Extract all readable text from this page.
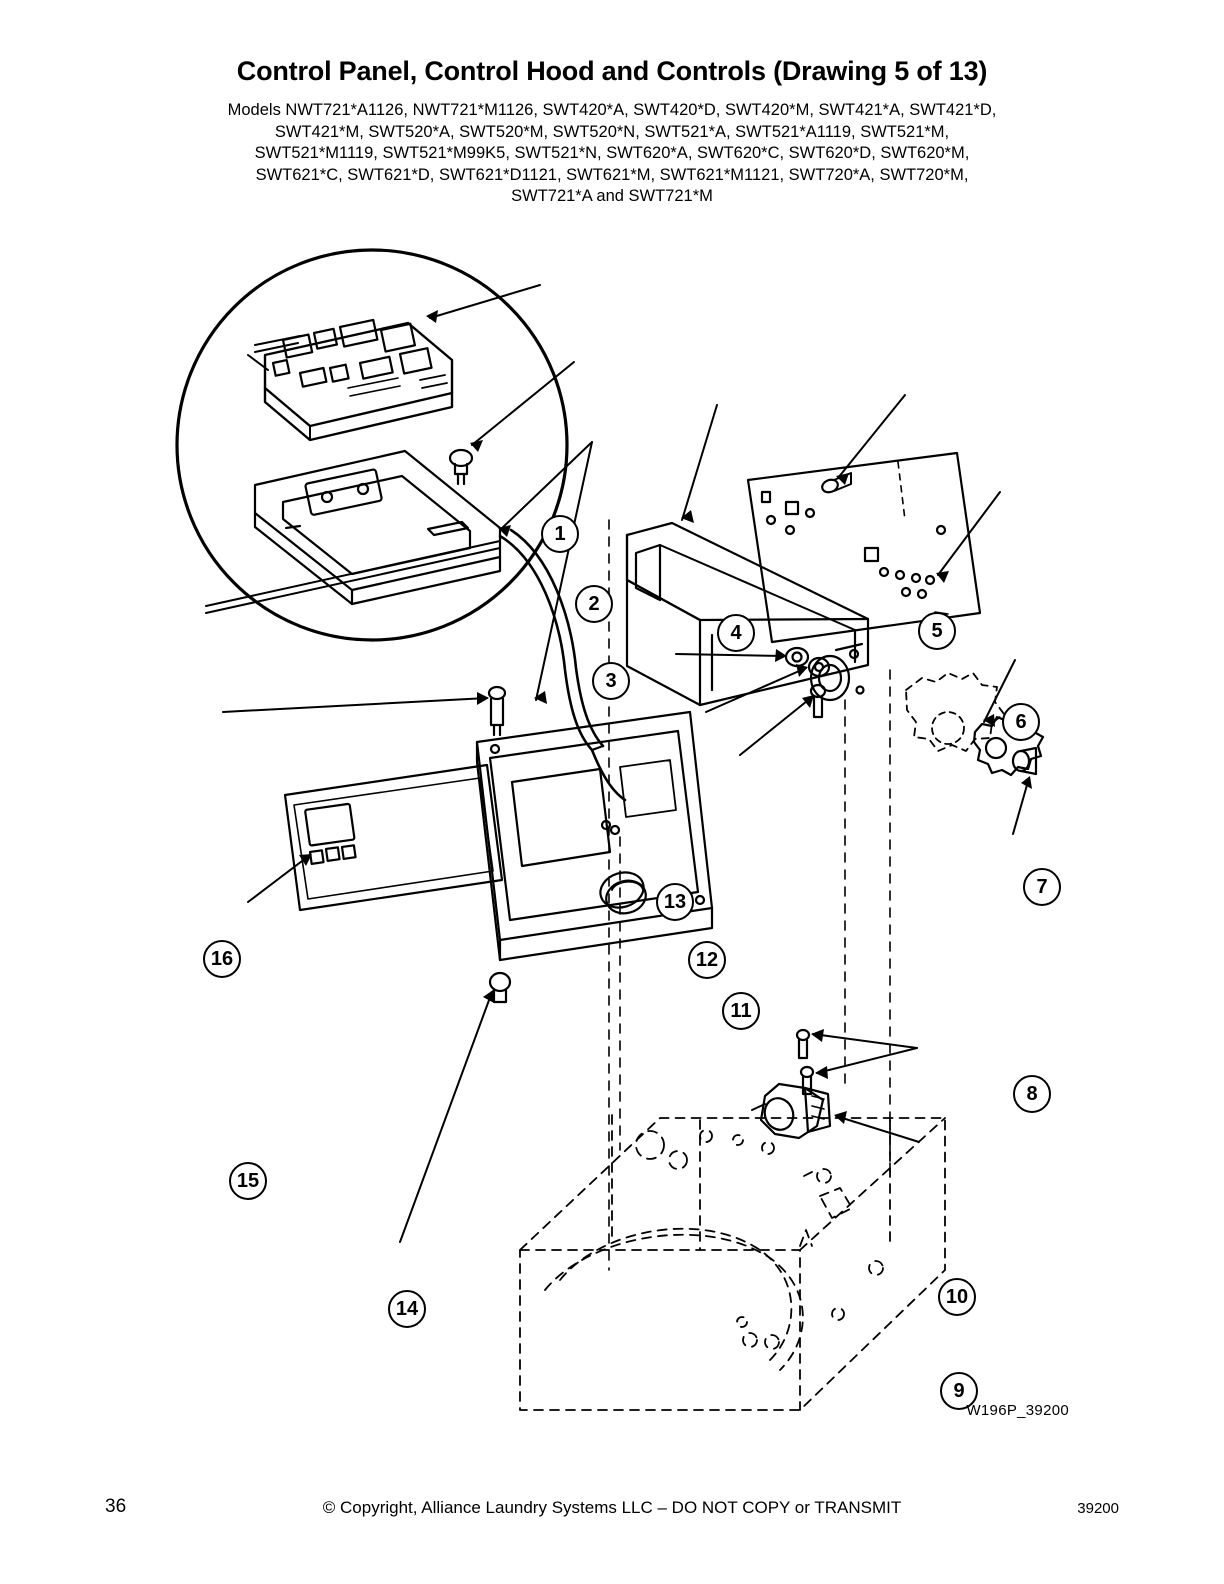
Control Panel, Control Hood and Controls (Drawing 5 of 13)
Models NWT721*A1126, NWT721*M1126, SWT420*A, SWT420*D, SWT420*M, SWT421*A, SWT421*D,
SWT421*M, SWT520*A, SWT520*M, SWT520*N, SWT521*A, SWT521*A1119, SWT521*M,
SWT521*M1119, SWT521*M99K5, SWT521*N, SWT620*A, SWT620*C, SWT620*D, SWT620*M,
SWT621*C, SWT621*D, SWT621*D1121, SWT621*M, SWT621*M1121, SWT720*A, SWT720*M,
SWT721*A and SWT721*M
1
2
3
4	5
6
7
8
9
10
11
12
13
14
15
16
W196P_39200
36	© Copyright, Alliance Laundry Systems LLC – DO NOT COPY or TRANSMIT	39200
